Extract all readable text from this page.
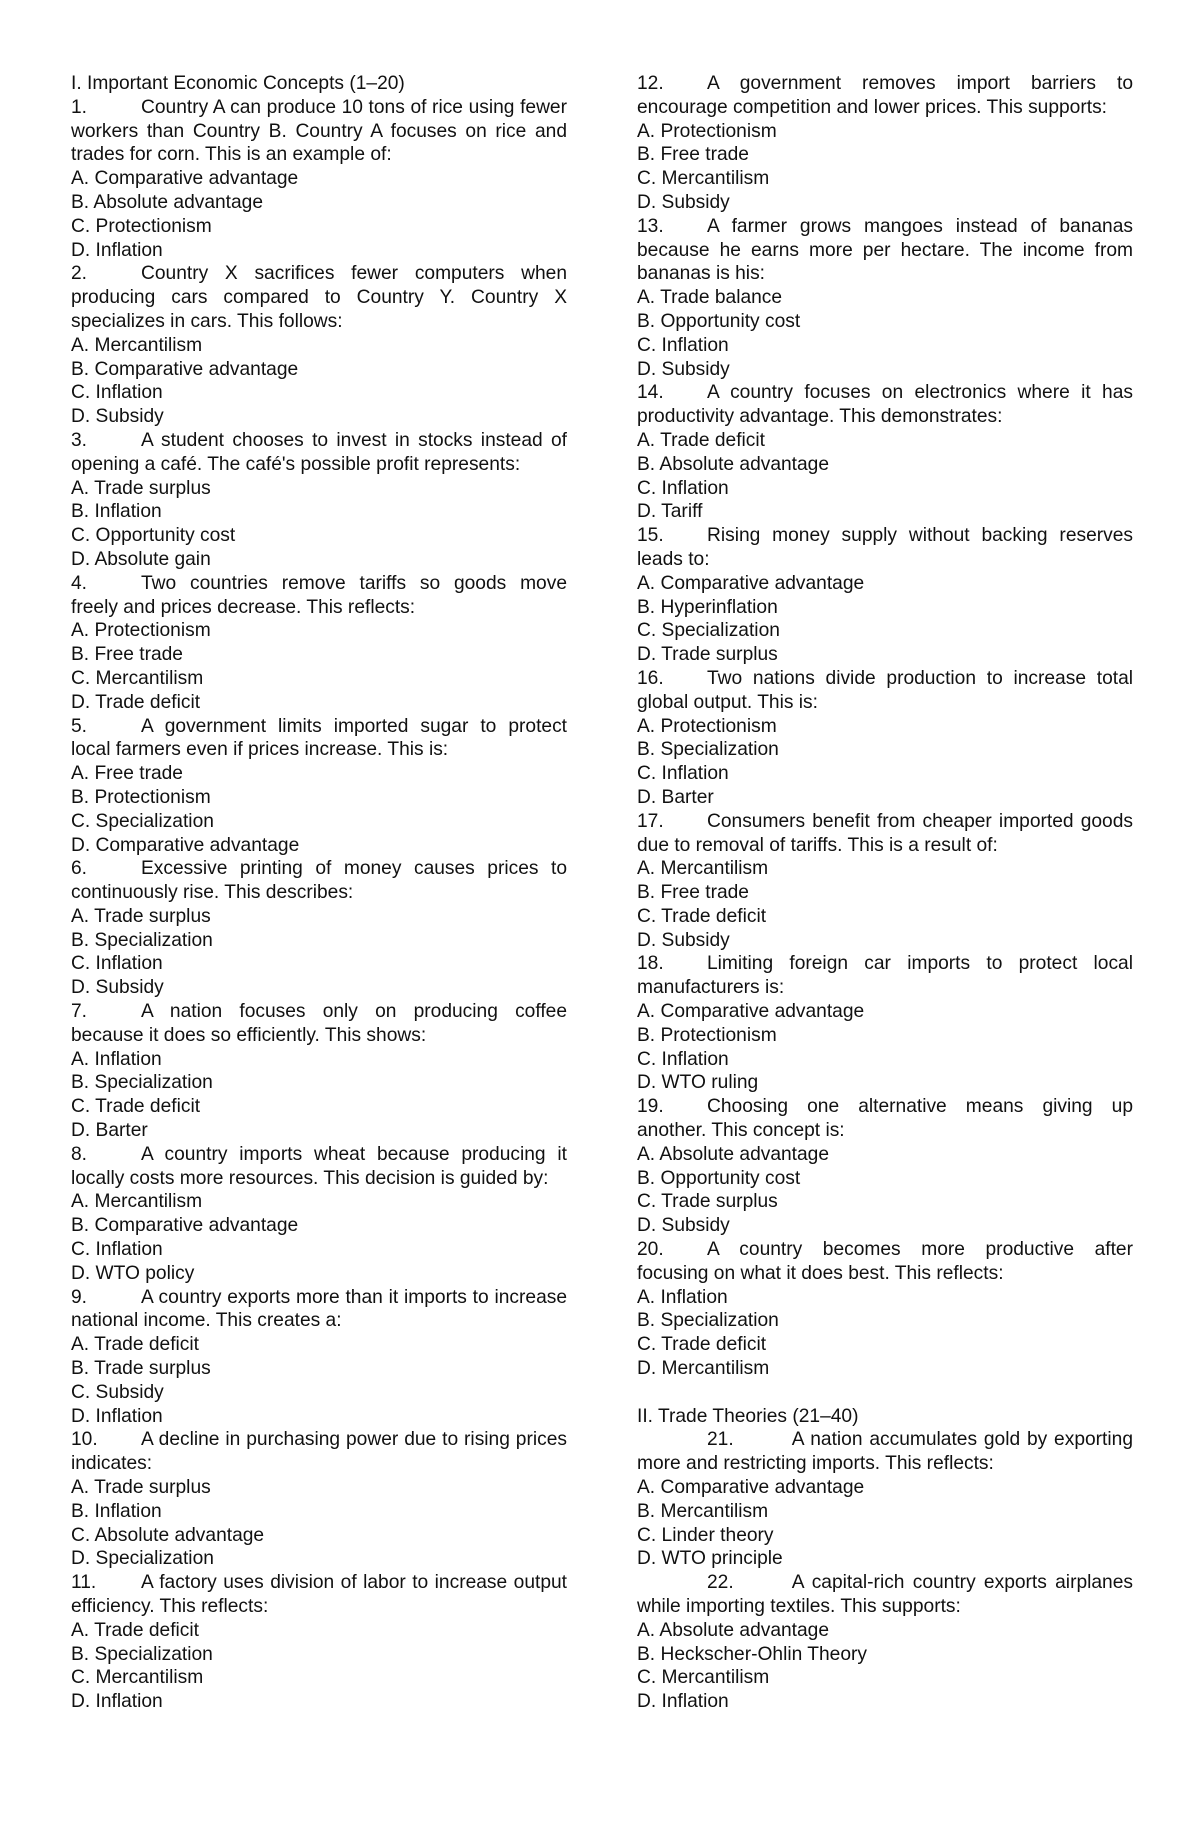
I. Important Economic Concepts (1–20)

1.	Country A can produce 10 tons of rice using fewer workers than Country B. Country A focuses on rice and trades for corn. This is an example of:

A. Comparative advantage
B. Absolute advantage
C. Protectionism
D. Inflation

2.	Country X sacrifices fewer computers when producing cars compared to Country Y. Country X specializes in cars. This follows:

A. Mercantilism
B. Comparative advantage
C. Inflation
D. Subsidy

3.	A student chooses to invest in stocks instead of opening a café. The café's possible profit represents:

A. Trade surplus
B. Inflation
C. Opportunity cost
D. Absolute gain

4.	Two countries remove tariffs so goods move freely and prices decrease. This reflects:

A. Protectionism
B. Free trade
C. Mercantilism
D. Trade deficit

5.	A government limits imported sugar to protect local farmers even if prices increase. This is:

A. Free trade
B. Protectionism
C. Specialization
D. Comparative advantage

6.	Excessive printing of money causes prices to continuously rise. This describes:

A. Trade surplus
B. Specialization
C. Inflation
D. Subsidy

7.	A nation focuses only on producing coffee because it does so efficiently. This shows:

A. Inflation
B. Specialization
C. Trade deficit
D. Barter

8.	A country imports wheat because producing it locally costs more resources. This decision is guided by:

A. Mercantilism
B. Comparative advantage
C. Inflation
D. WTO policy

9.	A country exports more than it imports to increase national income. This creates a:

A. Trade deficit
B. Trade surplus
C. Subsidy
D. Inflation

10. A decline in purchasing power due to rising prices indicates:

A. Trade surplus
B. Inflation
C. Absolute advantage
D. Specialization

11. A factory uses division of labor to increase output efficiency. This reflects:

A. Trade deficit
B. Specialization
C. Mercantilism
D. Inflation

12. A government removes import barriers to encourage competition and lower prices. This supports:

A. Protectionism
B. Free trade
C. Mercantilism
D. Subsidy

13. A farmer grows mangoes instead of bananas because he earns more per hectare. The income from bananas is his:

A. Trade balance
B. Opportunity cost
C. Inflation
D. Subsidy

14. A country focuses on electronics where it has productivity advantage. This demonstrates:

A. Trade deficit
B. Absolute advantage
C. Inflation
D. Tariff

15. Rising money supply without backing reserves leads to:

A. Comparative advantage
B. Hyperinflation
C. Specialization
D. Trade surplus

16. Two nations divide production to increase total global output. This is:

A. Protectionism
B. Specialization
C. Inflation
D. Barter

17. Consumers benefit from cheaper imported goods due to removal of tariffs. This is a result of:

A. Mercantilism
B. Free trade
C. Trade deficit
D. Subsidy

18. Limiting foreign car imports to protect local manufacturers is:

A. Comparative advantage
B. Protectionism
C. Inflation
D. WTO ruling

19. Choosing one alternative means giving up another. This concept is:

A. Absolute advantage
B. Opportunity cost
C. Trade surplus
D. Subsidy

20. A country becomes more productive after focusing on what it does best. This reflects:

A. Inflation
B. Specialization
C. Trade deficit
D. Mercantilism
II. Trade Theories (21–40)

21.	A nation accumulates gold by exporting more and restricting imports. This reflects:

A. Comparative advantage
B. Mercantilism
C. Linder theory
D. WTO principle

22.	A capital-rich country exports airplanes while importing textiles. This supports:

A. Absolute advantage
B. Heckscher-Ohlin Theory
C. Mercantilism
D. Inflation
